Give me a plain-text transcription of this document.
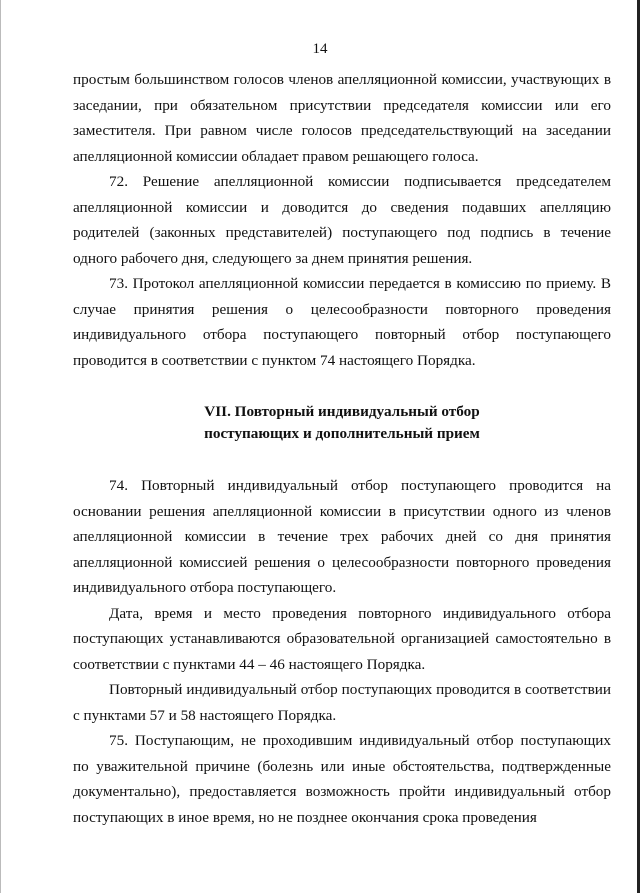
14

простым большинством голосов членов апелляционной комиссии, участвующих в заседании, при обязательном присутствии председателя комиссии или его заместителя. При равном числе голосов председательствующий на заседании апелляционной комиссии обладает правом решающего голоса.

72. Решение апелляционной комиссии подписывается председателем апелляционной комиссии и доводится до сведения подавших апелляцию родителей (законных представителей) поступающего под подпись в течение одного рабочего дня, следующего за днем принятия решения.

73. Протокол апелляционной комиссии передается в комиссию по приему. В случае принятия решения о целесообразности повторного проведения индивидуального отбора поступающего повторный отбор поступающего проводится в соответствии с пунктом 74 настоящего Порядка.

VII. Повторный индивидуальный отбор
поступающих и дополнительный прием

74. Повторный индивидуальный отбор поступающего проводится на основании решения апелляционной комиссии в присутствии одного из членов апелляционной комиссии в течение трех рабочих дней со дня принятия апелляционной комиссией решения о целесообразности повторного проведения индивидуального отбора поступающего.

Дата, время и место проведения повторного индивидуального отбора поступающих устанавливаются образовательной организацией самостоятельно в соответствии с пунктами 44 – 46 настоящего Порядка.

Повторный индивидуальный отбор поступающих проводится в соответствии с пунктами 57 и 58 настоящего Порядка.

75. Поступающим, не проходившим индивидуальный отбор поступающих по уважительной причине (болезнь или иные обстоятельства, подтвержденные документально), предоставляется возможность пройти индивидуальный отбор поступающих в иное время, но не позднее окончания срока проведения
